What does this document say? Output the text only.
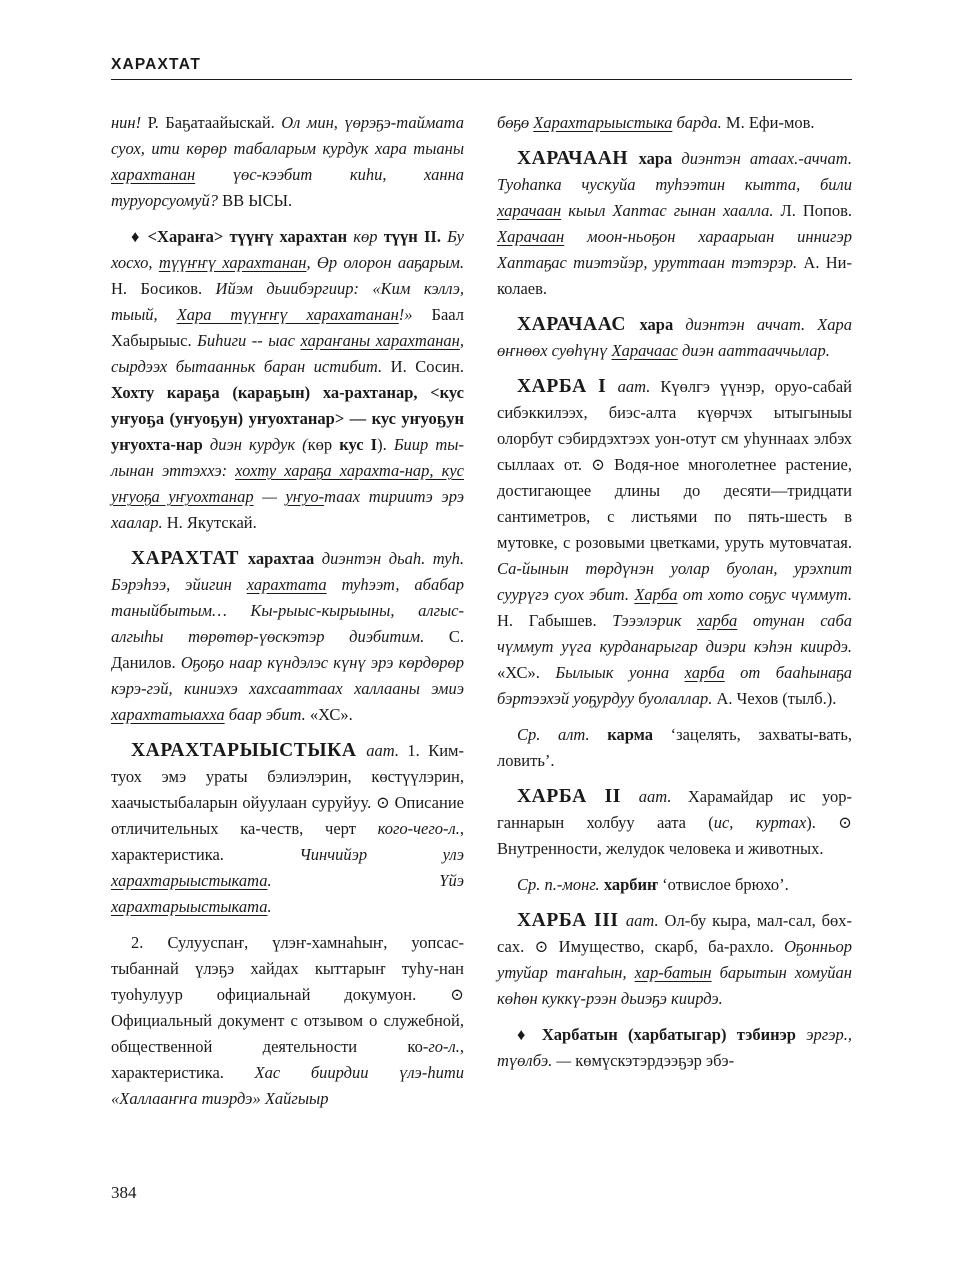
ХАРАХТАТ

нин! Р. Баҕатаайыскай. Ол мин, үөрэҕэ-таймата суох, ити көрөр табаларым курдук хара тыаны харахтанан үөс-кээбит киһи, ханна туруорсуомуй? ВВ ЫСЫ.

♦ <Хараҥа> түүҥү харахтан көр түүн II. Бу хосхо, түүҥҥү харахтанан, Өр олорон ааҕарым. Н. Босиков. Ийэм дьиибэргиир: «Ким кэллэ, тыый, Хара түүҥҥү харахатанан!» Баал Хабырыыс. Биһиги -- ыас хараҥаны харахтанан, сырдээх бытаанньк баран истибит. И. Сосин. Хохту караҕа (караҕын) ха-рахтанар, <кус уҥуоҕа (уҥуоҕун) уҥуохтанар> — кус уҥуоҕун уҥуохта-нар диэн курдук (көр кус I). Биир ты-лынан эттэххэ: хохту хараҕа харахта-нар, кус уҥуоҕа уҥуохтанар — уҥуо-таах тириитэ эрэ хаалар. Н. Якутскай.

ХАРАХТАТ харахтаа диэнтэн дьаһ. туһ. Бэрэһээ, эйигин харахтата туһээт, абабар таныйбытым… Кы-рыыс-кырыыны, алгыс-алгыһы төрөтөр-үөскэтэр диэбитим. С. Данилов. Оҕоҕо наар күндэлэс күнү эрэ көрдөрөр кэрэ-гэй, киниэхэ хахсааттаах халлааны эмиэ харахтатыахха баар эбит. «ХС».

ХАРАХТАРЫЫСТЫКА аат. 1. Ким-туох эмэ ураты бэлиэлэрин, көстүүлэрин, хаачыстыбаларын ойуулаан суруйуу. ⊙ Описание отличительных ка-честв, черт кого-чего-л., характеристика. Чинчийэр улэ харахтарыыстыката. Үйэ харахтарыыстыката.

2. Сулууспаҥ, үлэҥ-хамнаһыҥ, уопсас-тыбаннай үлэҕэ хайдах кыттарыҥ туһу-нан туоһулуур официальнай докумуон. ⊙ Официальный документ с отзывом о служебной, общественной деятельности ко-го-л., характеристика. Хас биирдии үлэ-һити «Халлааҥҥа тиэрдэ» Хайгыыр

бөҕө Харахтарыыстыка барда. М. Ефи-мов.

ХАРАЧААН хара диэнтэн атаах.-аччат. Туоһапка чускуйа туһээтин кытта, били харачаан кыыл Хаптас гынан хаалла. Л. Попов. Харачаан моон-ньоҕон хараарыан иннигэр Хаптаҕас тиэтэйэр, уруттаан тэтэрэр. А. Ни-колаев.

ХАРАЧААС хара диэнтэн аччат. Хара өҥнөөх суөһүнү Харачаас диэн ааттааччылар.

ХАРБА I аат. Күөлгэ үүнэр, оруо-сабай сибэккилээх, биэс-алта күөрчэх ытыгыныы олорбут сэбирдэхтээх уон-отут см уһуннаах элбэх сыллаах от. ⊙ Водя-ное многолетнее растение, достигающее длины до десяти—тридцати сантиметров, с листьями по пять-шесть в мутовке, с розовыми цветками, уруть мутовчатая. Са-йынын төрдүнэн уолар буолан, урэхпит суурүгэ суох эбит. Харба от хото соҕус чүммут. Н. Габышев. Тэээлэрик харба отунан саба чүммут уүга курданарыгар диэри кэһэн киирдэ. «ХС». Былыык уонна харба от бааһынаҕа бэртээхэй уоҕурдуу буолаллар. А. Чехов (тылб.).

Ср. алт. карма ‘зацелять, захваты-вать, ловить’.

ХАРБА II аат. Харамайдар ис уор-ганнарын холбуу аата (ис, куртах). ⊙ Внутренности, желудок человека и животных.

Ср. п.-монг. харбиҥ ‘отвислое брюхо’.

ХАРБА III аат. Ол-бу кыра, мал-сал, бөх-сах. ⊙ Имущество, скарб, ба-рахло. Оҕонньор утуйар таҥаһын, хар-батын барытын хомуйан көһөн куккү-рээн дьиэҕэ киирдэ.

♦ Харбатын (харбатыгар) тэбинэр эргэр., түөлбэ. — көмүскэтэрдээҕэр эбэ-

384
